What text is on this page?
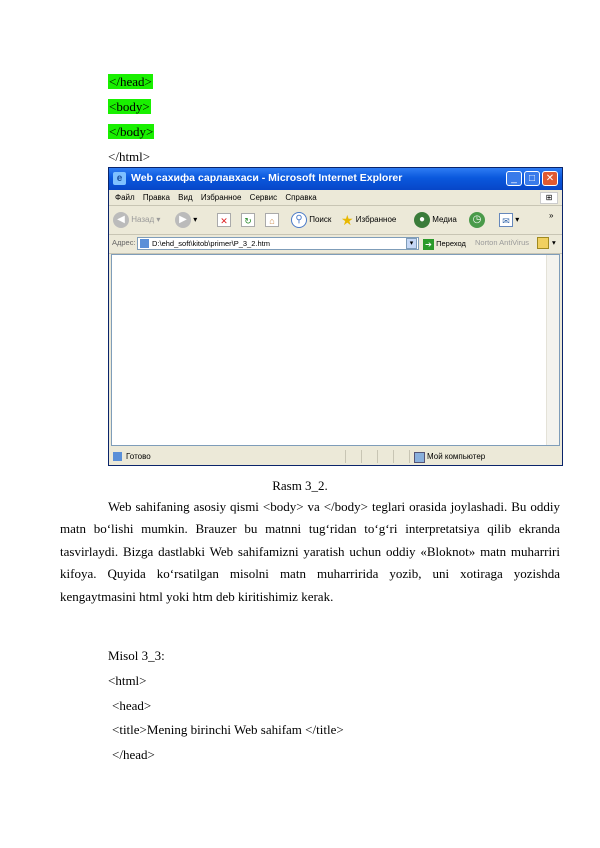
</head>
<body>
</body>
</html>
e Web сахифа сарлавхаси - Microsoft Internet Explorer	_	□	✕
Файл Правка Вид Избранное Сервис Справка	⊞
◀ Назад ▾	▶ ▾	✕	↻	⌂	⚲ Поиск ★ Избранное	● Медиа	◷	✉ ▾	»
Адрес:	D:\ehd_soft\kitob\primer\P_3_2.htm	▾	➔ Переход Norton AntiVirus	▾
Готово	Мой компьютер
Rasm 3_2.
Web sahifaning asosiy qismi <body> va </body> teglari orasida joylashadi. Bu oddiy matn bo‘lishi mumkin. Brauzer bu matnni tug‘ridan to‘g‘ri interpretatsiya qilib ekranda tasvirlaydi. Bizga dastlabki Web sahifamizni yaratish uchun oddiy «Bloknot» matn muharriri kifoya. Quyida ko‘rsatilgan misolni matn muharririda yozib, uni xotiraga yozishda kengaytmasini html yoki htm deb kiritishimiz kerak.
Misol 3_3:
<html>
<head>
<title>Mening birinchi Web sahifam </title>
</head>
